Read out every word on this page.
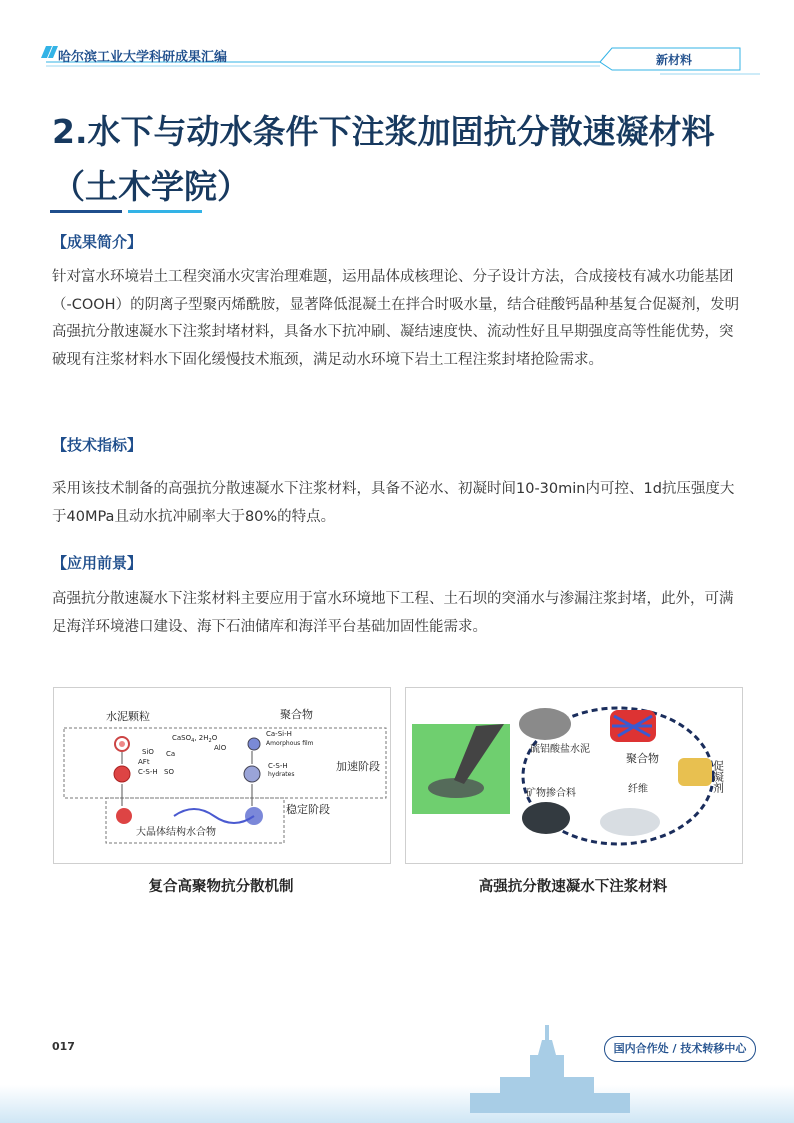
哈尔滨工业大学科研成果汇编	新材料
2.水下与动水条件下注浆加固抗分散速凝材料
（土木学院）
【成果简介】
针对富水环境岩土工程突涌水灾害治理难题，运用晶体成核理论、分子设计方法，合成接枝有减水功能基团（-COOH）的阴离子型聚丙烯酰胺，显著降低混凝土在拌合时吸水量，结合硅酸钙晶种基复合促凝剂，发明高强抗分散速凝水下注浆封堵材料，具备水下抗冲刷、凝结速度快、流动性好且早期强度高等性能优势，突破现有注浆材料水下固化缓慢技术瓶颈，满足动水环境下岩土工程注浆封堵抢险需求。
【技术指标】
采用该技术制备的高强抗分散速凝水下注浆材料，具备不泌水、初凝时间10-30min内可控、1d抗压强度大于40MPa且动水抗冲刷率大于80%的特点。
【应用前景】
高强抗分散速凝水下注浆材料主要应用于富水环境地下工程、土石坝的突涌水与渗漏注浆封堵，此外，可满足海洋环境港口建设、海下石油储库和海洋平台基础加固性能需求。
水泥颗粒	聚合物
加速阶段
稳定阶段
大晶体结构水合物
CaSO$_4$, $2H_2O$
SiO Ca
AlO
SO
C-S-H
AFt
Ca-Si-H
Amorphous film
C-S-H
hydrates
复合高聚物抗分散机制
硫铝酸盐水泥
聚合物
矿物掺合料	纤维	促凝剂
高强抗分散速凝水下注浆材料
017	国内合作处 / 技术转移中心
